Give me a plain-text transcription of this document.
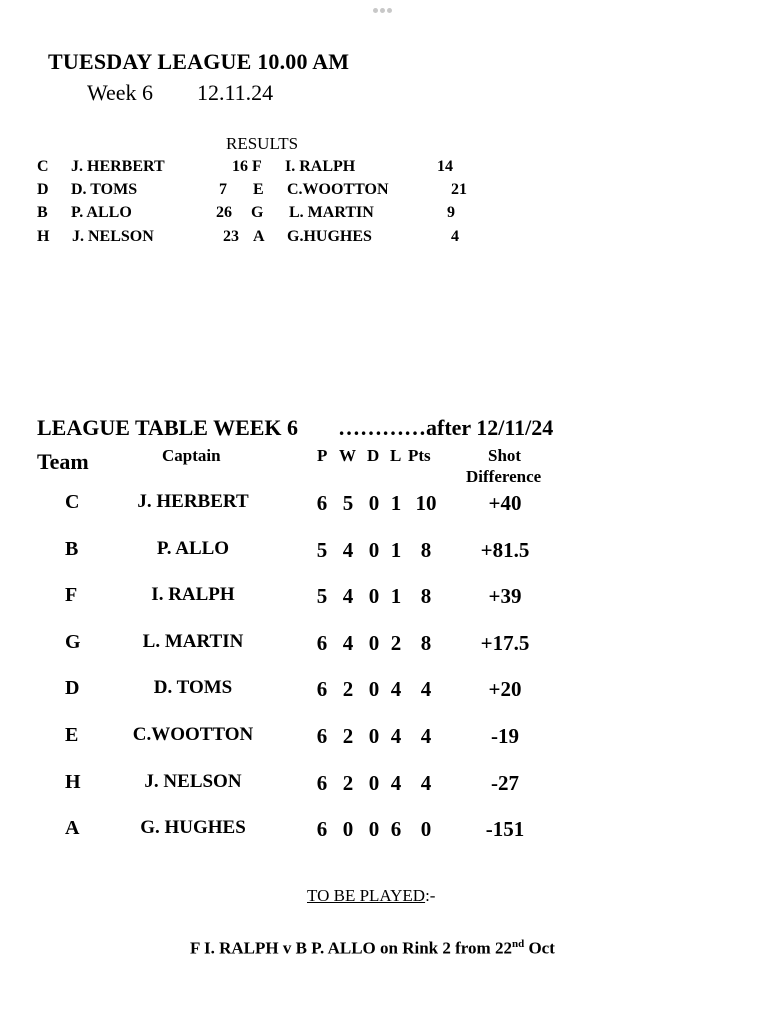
TUESDAY LEAGUE 10.00 AM
Week 6 12.11.24
RESULTS
C J. HERBERT	16 F I. RALPH	14
D D. TOMS	7 E C.WOOTTON	21
B P. ALLO	26 G L. MARTIN	9
H J. NELSON	23 A G.HUGHES	4
LEAGUE TABLE WEEK 6 …………after 12/11/24
Team	Captain	P W D L Pts	Shot
Difference
C	J. HERBERT	6 5 0 1 10	+40
B	P. ALLO	5 4 0 1 8	+81.5
F	I. RALPH	5 4 0 1 8	+39
G	L. MARTIN	6 4 0 2 8	+17.5
D	D. TOMS	6 2 0 4 4	+20
E	C.WOOTTON	6 2 0 4 4	-19
H	J. NELSON	6 2 0 4 4	-27
A	G. HUGHES	6 0 0 6 0	-151
TO BE PLAYED:-
F I. RALPH v B P. ALLO on Rink 2 from 22nd Oct
